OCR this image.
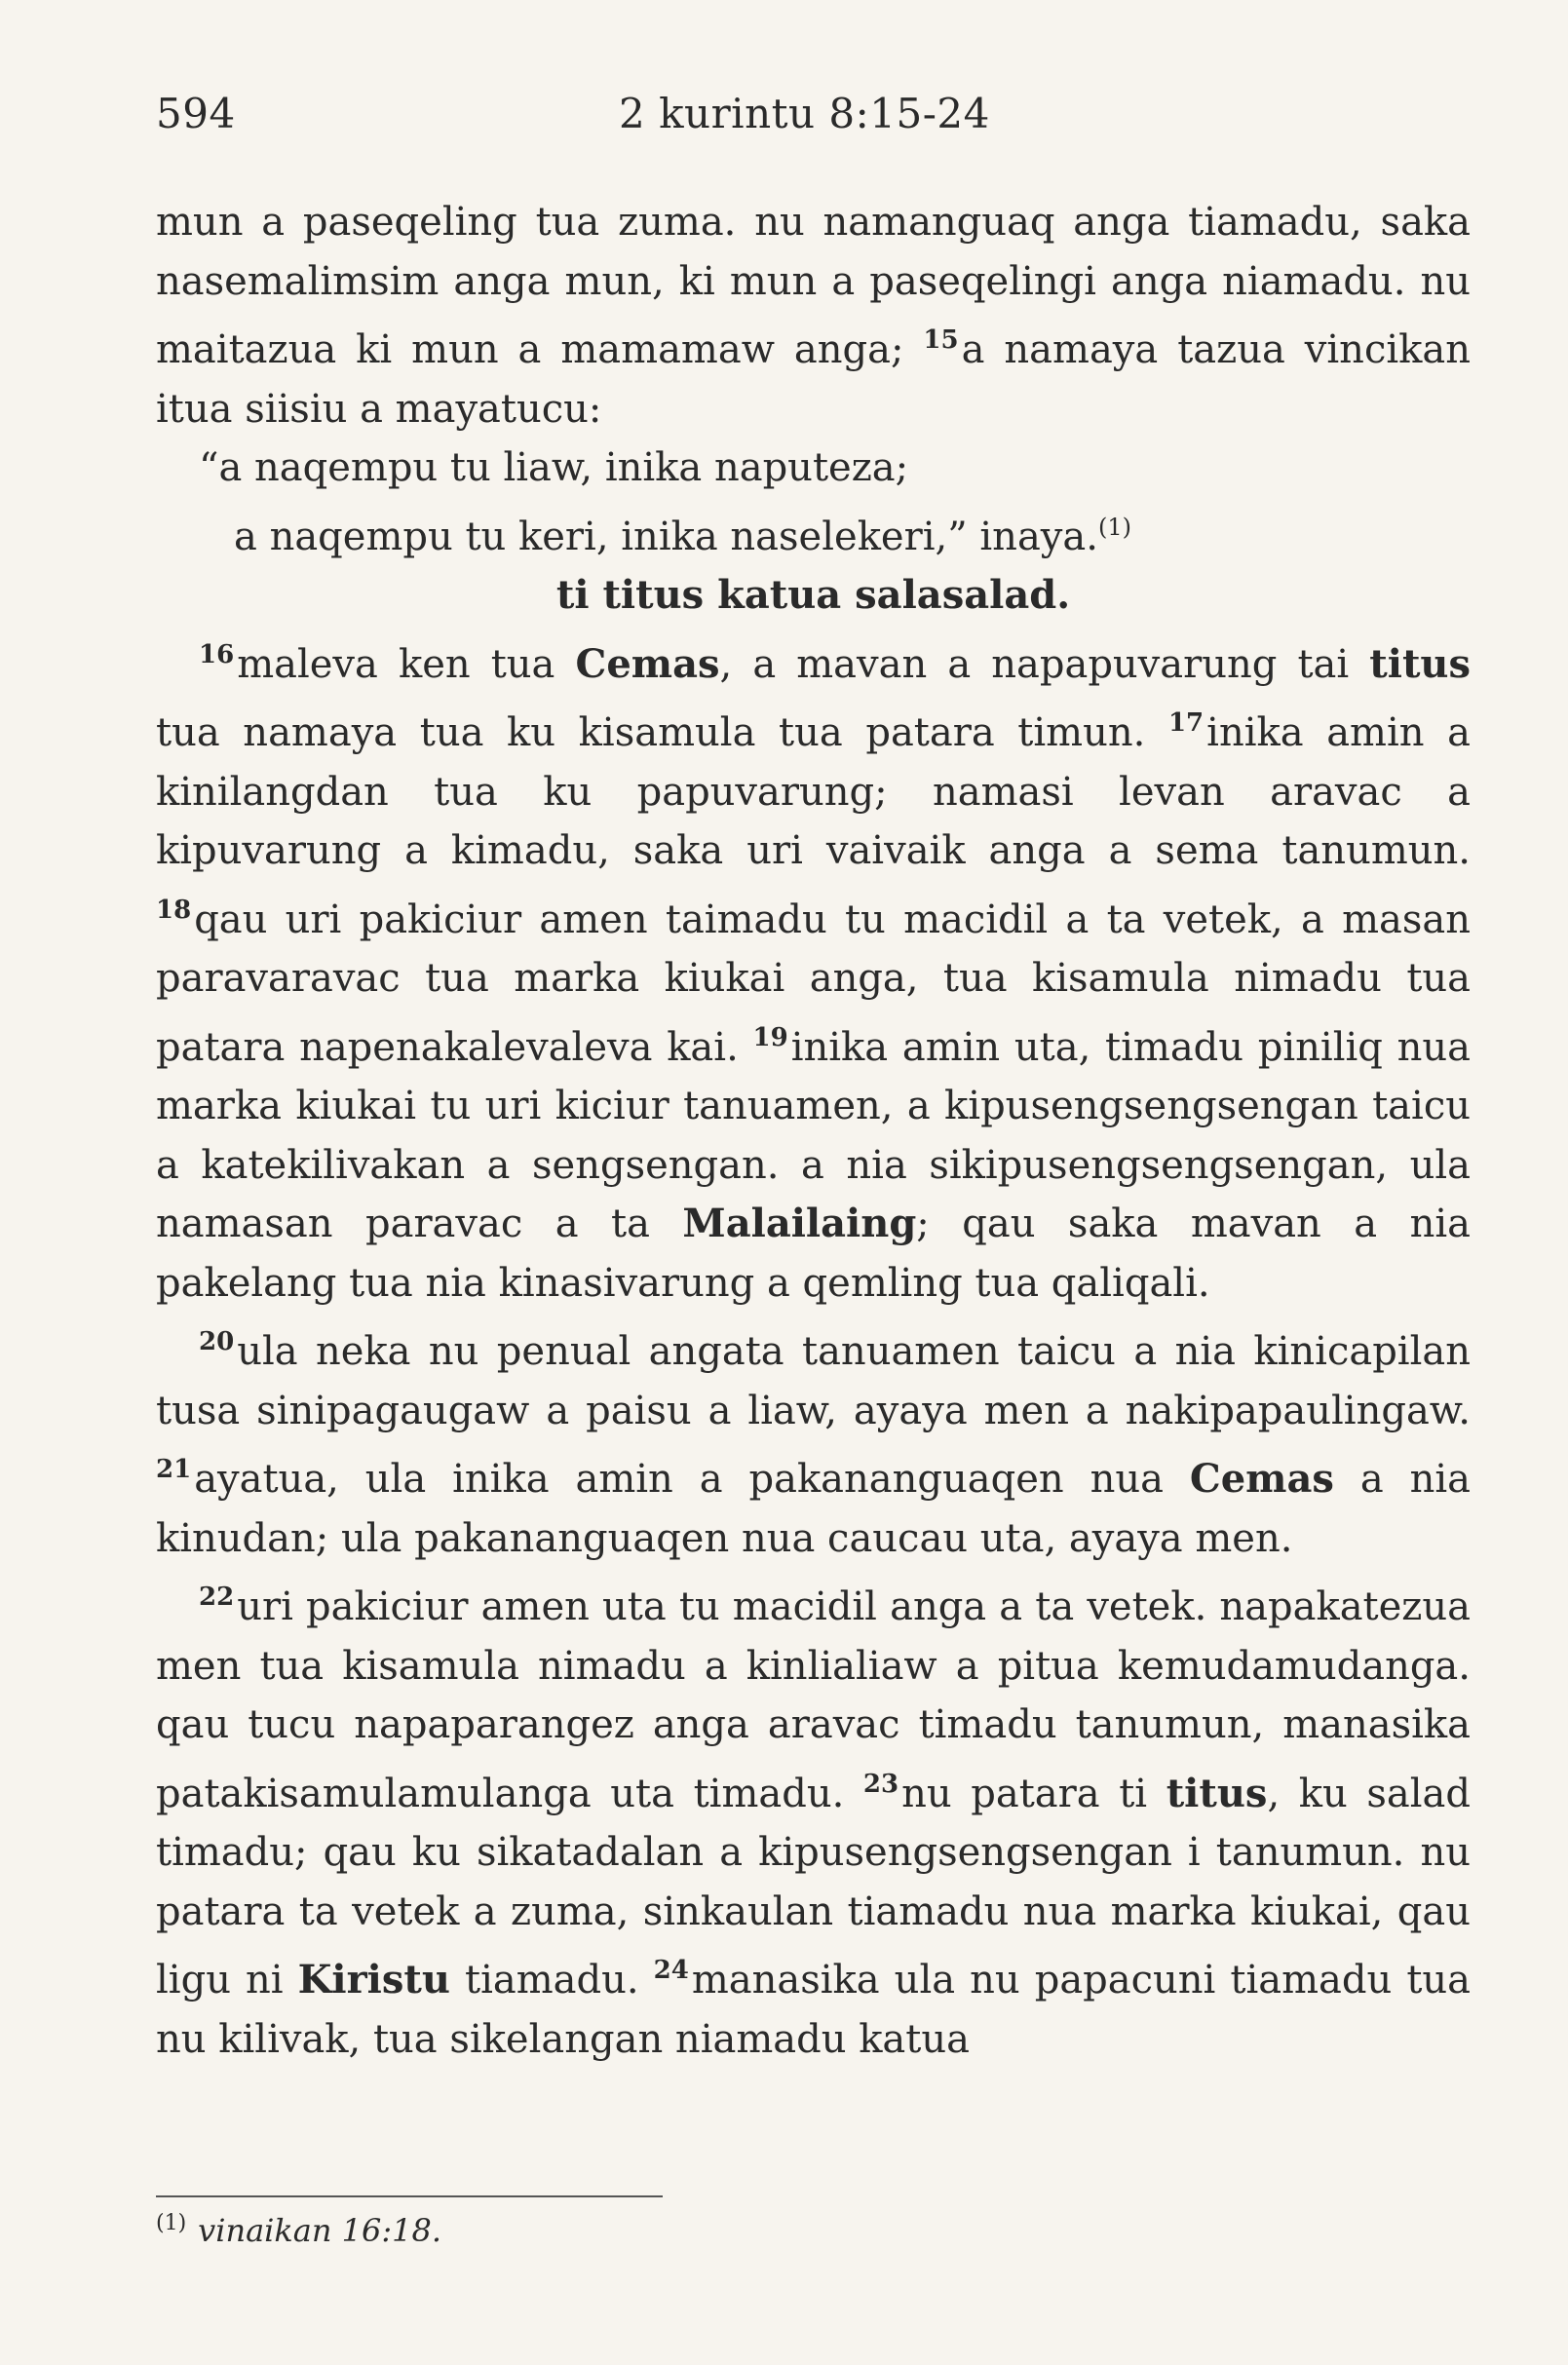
594	2 kurintu 8:15-24

mun a paseqeling tua zuma. nu namanguaq anga tiamadu, saka nasemalimsim anga mun, ki mun a paseqelingi anga niamadu. nu maitazua ki mun a mamamaw anga; $^{15}$a namaya tazua vincikan itua siisiu a mayatucu:

“a naqempu tu liaw, inika naputeza;

a naqempu tu keri, inika naselekeri,” inaya.$^{(1)}$

ti titus katua salasalad.

$^{16}$maleva ken tua Cemas, a mavan a napapuvarung tai titus tua namaya tua ku kisamula tua patara timun. $^{17}$inika amin a kinilangdan tua ku papuvarung; namasi levan aravac a kipuvarung a kimadu, saka uri vaivaik anga a sema tanumun. $^{18}$qau uri pakiciur amen taimadu tu macidil a ta vetek, a masan paravaravac tua marka kiukai anga, tua kisamula nimadu tua patara napenakalevaleva kai. $^{19}$inika amin uta, timadu piniliq nua marka kiukai tu uri kiciur tanuamen, a kipusengsengsengan taicu a katekilivakan a sengsengan. a nia sikipusengsengsengan, ula namasan paravac a ta Malailaing; qau saka mavan a nia pakelang tua nia kinasivarung a qemling tua qaliqali.

$^{20}$ula neka nu penual angata tanuamen taicu a nia kinicapilan tusa sinipagaugaw a paisu a liaw, ayaya men a nakipapaulingaw. $^{21}$ayatua, ula inika amin a pakananguaqen nua Cemas a nia kinudan; ula pakananguaqen nua caucau uta, ayaya men.

$^{22}$uri pakiciur amen uta tu macidil anga a ta vetek. napakatezua men tua kisamula nimadu a kinlialiaw a pitua kemudamudanga. qau tucu napaparangez anga aravac timadu tanumun, manasika patakisamulamulanga uta timadu. $^{23}$nu patara ti titus, ku salad timadu; qau ku sikatadalan a kipusengsengsengan i tanumun. nu patara ta vetek a zuma, sinkaulan tiamadu nua marka kiukai, qau ligu ni Kiristu tiamadu. $^{24}$manasika ula nu papacuni tiamadu tua nu kilivak, tua sikelangan niamadu katua

$^{(1)}$ vinaikan 16:18.
